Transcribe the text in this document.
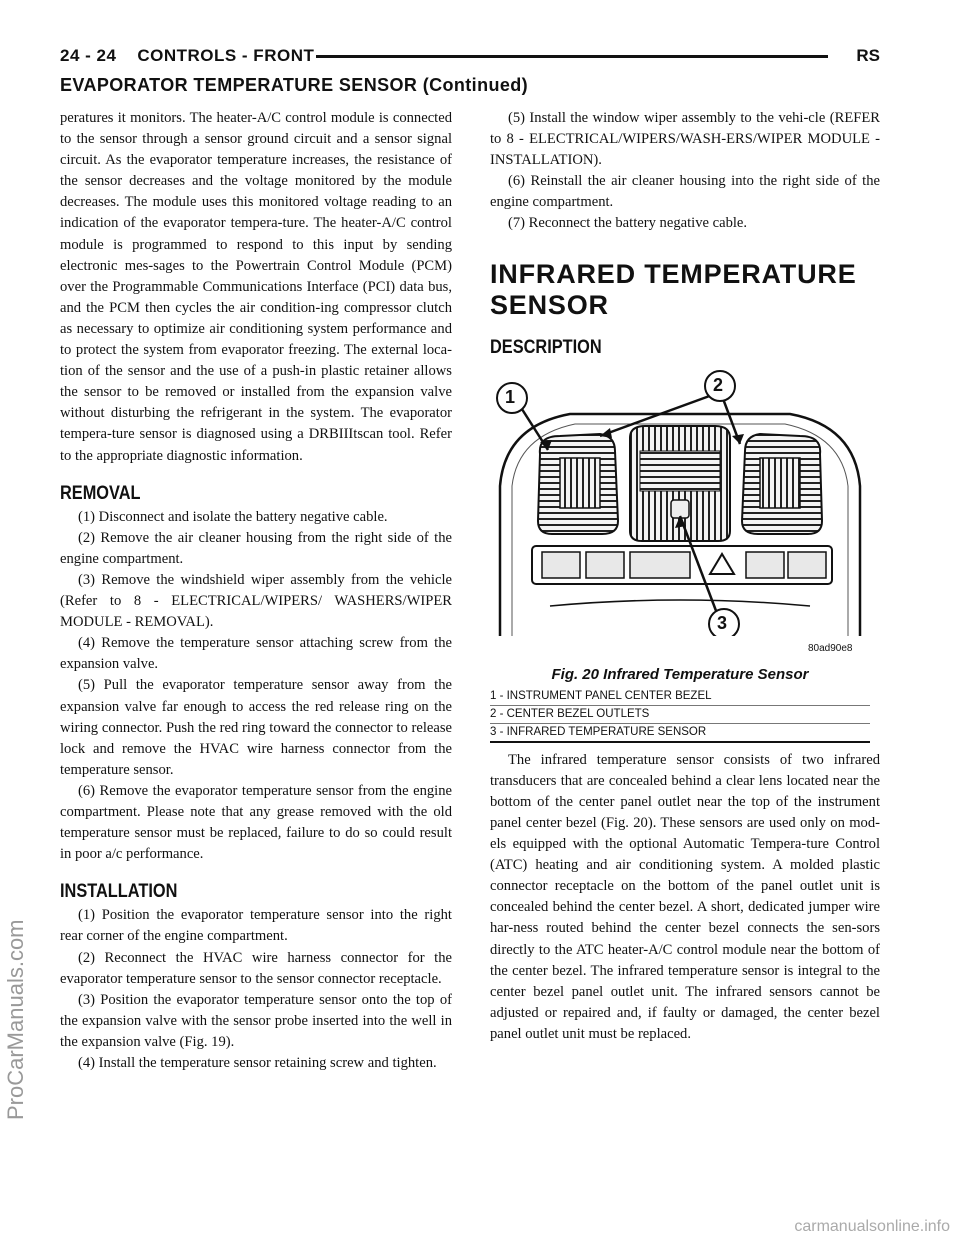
24 - 24    CONTROLS - FRONT	RS
EVAPORATOR TEMPERATURE SENSOR (Continued)

peratures it monitors. The heater-A/C control module is connected to the sensor through a sensor ground circuit and a sensor signal circuit. As the evaporator temperature increases, the resistance of the sensor decreases and the voltage monitored by the module decreases. The module uses this monitored voltage reading to an indication of the evaporator tempera-ture. The heater-A/C control module is programmed to respond to this input by sending electronic mes-sages to the Powertrain Control Module (PCM) over the Programmable Communications Interface (PCI) data bus, and the PCM then cycles the air condition-ing compressor clutch as necessary to optimize air conditioning system performance and to protect the system from evaporator freezing. The external loca-tion of the sensor and the use of a push-in plastic retainer allows the sensor to be removed or installed from the expansion valve without disturbing the refrigerant in the system. The evaporator tempera-ture sensor is diagnosed using a DRBIIItscan tool. Refer to the appropriate diagnostic information.

REMOVAL

(1) Disconnect and isolate the battery negative cable.

(2) Remove the air cleaner housing from the right side of the engine compartment.

(3) Remove the windshield wiper assembly from the vehicle (Refer to 8 - ELECTRICAL/WIPERS/ WASHERS/WIPER MODULE - REMOVAL).

(4) Remove the temperature sensor attaching screw from the expansion valve.

(5) Pull the evaporator temperature sensor away from the expansion valve far enough to access the red release ring on the wiring connector. Push the red ring toward the connector to release lock and remove the HVAC wire harness connector from the temperature sensor.

(6) Remove the evaporator temperature sensor from the engine compartment. Please note that any grease removed with the old temperature sensor must be replaced, failure to do so could result in poor a/c performance.

INSTALLATION

(1) Position the evaporator temperature sensor into the right rear corner of the engine compartment.

(2) Reconnect the HVAC wire harness connector for the evaporator temperature sensor to the sensor connector receptacle.

(3) Position the evaporator temperature sensor onto the top of the expansion valve with the sensor probe inserted into the well in the expansion valve (Fig. 19).

(4) Install the temperature sensor retaining screw and tighten.

(5) Install the window wiper assembly to the vehi-cle (REFER to 8 - ELECTRICAL/WIPERS/WASH-ERS/WIPER MODULE - INSTALLATION).

(6) Reinstall the air cleaner housing into the right side of the engine compartment.

(7) Reconnect the battery negative cable.

INFRARED TEMPERATURE SENSOR
DESCRIPTION
1
2
3
80ad90e8
Fig. 20 Infrared Temperature Sensor
1 - INSTRUMENT PANEL CENTER BEZEL
2 - CENTER BEZEL OUTLETS
3 - INFRARED TEMPERATURE SENSOR

The infrared temperature sensor consists of two infrared transducers that are concealed behind a clear lens located near the bottom of the center panel outlet near the top of the instrument panel center bezel (Fig. 20). These sensors are used only on mod-els equipped with the optional Automatic Tempera-ture Control (ATC) heating and air conditioning system. A molded plastic connector receptacle on the bottom of the panel outlet unit is concealed behind the center bezel. A short, dedicated jumper wire har-ness routed behind the center bezel connects the sen-sors directly to the ATC heater-A/C control module near the bottom of the center bezel. The infrared temperature sensor is integral to the center bezel panel outlet unit. The infrared sensors cannot be adjusted or repaired and, if faulty or damaged, the center bezel panel outlet unit must be replaced.

ProCarManuals.com
carmanualsonline.info
